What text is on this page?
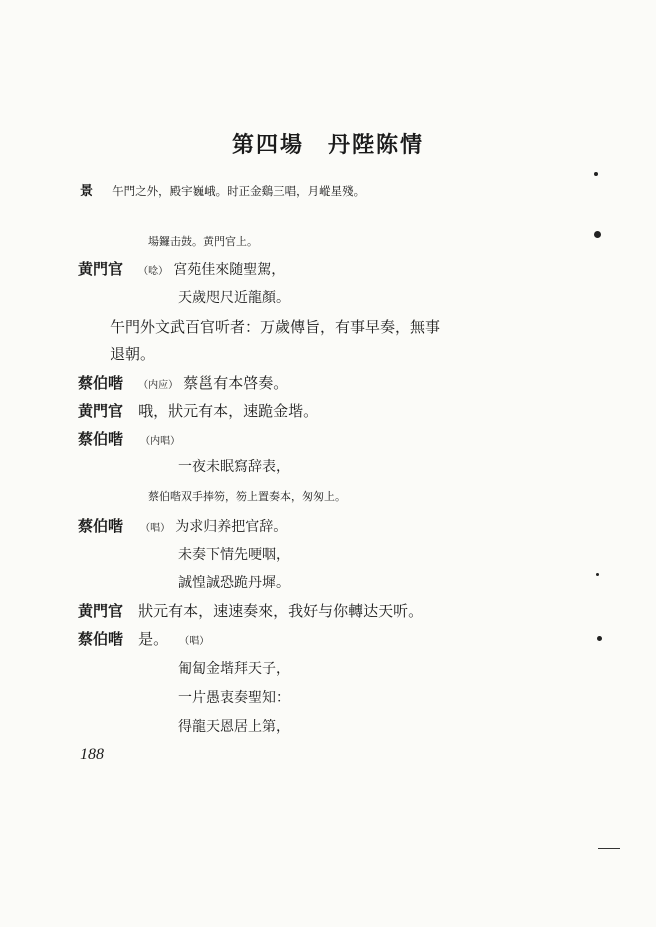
第四場　丹陛陈情
景 午門之外，殿宇巍峨。时正金鷄三唱，月嵷星殘。
場鑼击鼓。黄門官上。
黄門官 （唸） 宮苑佳來随聖駕，
天歲咫尺近龍顏。
午門外文武百官听者：万歲傳旨，有事早奏，無事
退朝。
蔡伯喈 （内应） 蔡邕有本啓奏。
黄門官 哦，狀元有本，速跪金堦。
蔡伯喈 （内唱）
一夜未眠寫辞表，
蔡伯喈双手捧笏，笏上置奏本，匆匆上。
蔡伯喈 （唱） 为求归养把官辞。
未奏下情先哽咽，
誠惶誠恐跪丹墀。
黄門官 狀元有本，速速奏來，我好与你轉达天听。
蔡伯喈 是。 （唱）
匍匐金堦拜天子，
一片愚衷奏聖知：
得龍天恩居上第，
188
